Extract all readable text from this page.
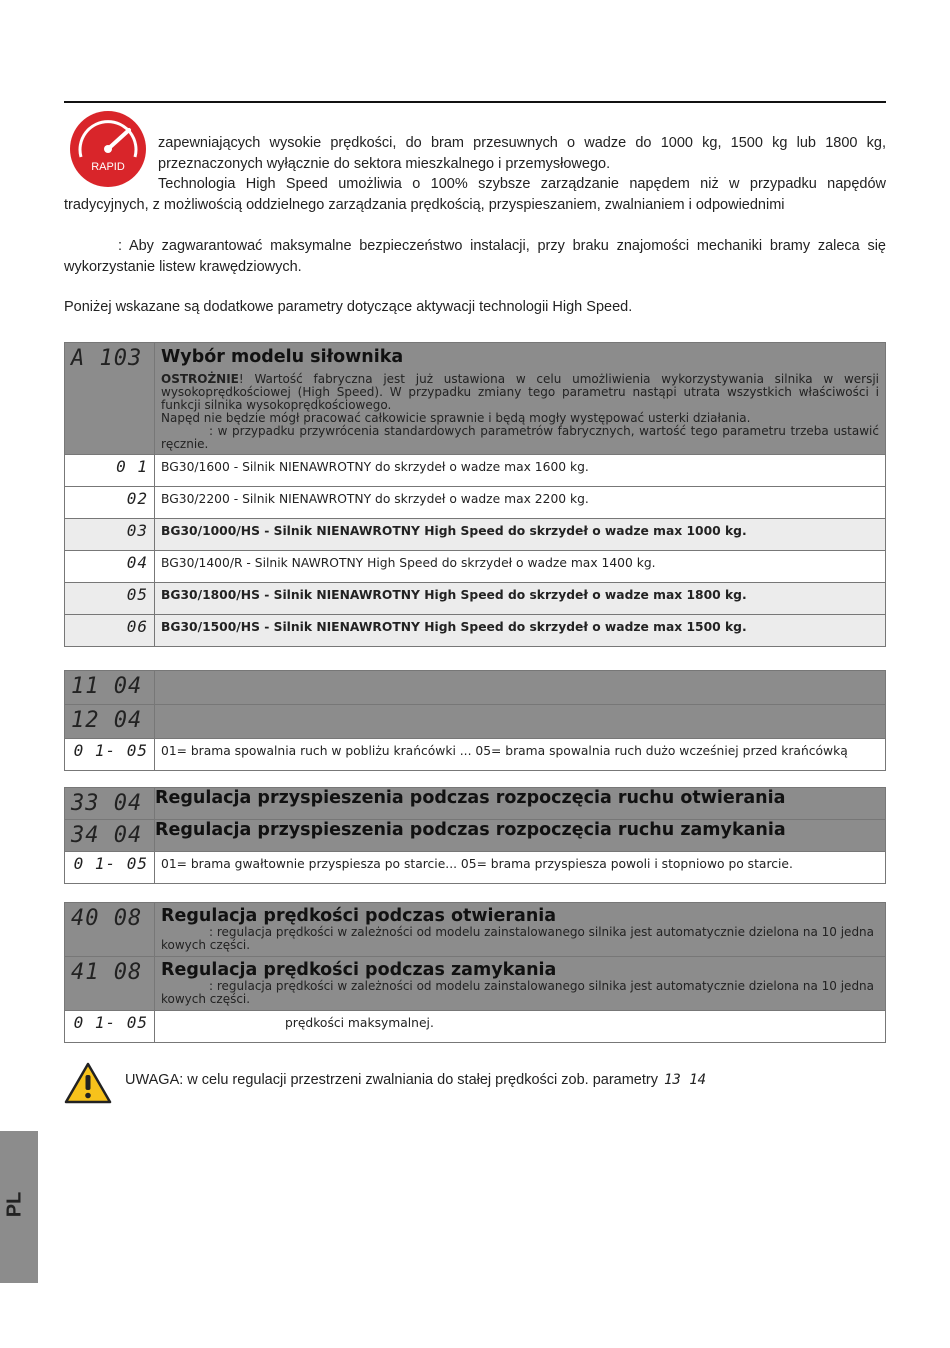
RAPID
zapewniających wysokie prędkości, do bram przesuwnych o wadze do 1000 kg, 1500 kg lub 1800 kg, przeznaczonych wyłącznie do sektora mieszkalnego i przemysłowego.
Technologia High Speed umożliwia o 100% szybsze zarządzanie napędem niż w przypadku napędów tradycyjnych, z możliwością oddzielnego zarządzania prędkością, przyspieszaniem, zwalnianiem i odpowiednimi
: Aby zagwarantować maksymalne bezpieczeństwo instalacji, przy braku znajomości mechaniki bramy zaleca się wykorzystanie listew krawędziowych.
Poniżej wskazane są dodatkowe parametry dotyczące aktywacji technologii High Speed.
A 103	Wybór modelu siłownika
OSTROŻNIE! Wartość fabryczna jest już ustawiona w celu umożliwienia wykorzystywania silnika w wersji wysokoprędkościowej (High Speed). W przypadku zmiany tego parametru nastąpi utrata wszystkich właściwości i funkcji silnika wysokoprędkościowego.
Napęd nie będzie mógł pracować całkowicie sprawnie i będą mogły występować usterki działania.
: w przypadku przywrócenia standardowych parametrów fabrycznych, wartość tego parametru trzeba ustawić ręcznie.

0 1	BG30/1600 - Silnik NIENAWROTNY do skrzydeł o wadze max 1600 kg.
02	BG30/2200 - Silnik NIENAWROTNY do skrzydeł o wadze max 2200 kg.
03	BG30/1000/HS - Silnik NIENAWROTNY High Speed do skrzydeł o wadze max 1000 kg.
04	BG30/1400/R - Silnik NAWROTNY High Speed do skrzydeł o wadze max 1400 kg.
05	BG30/1800/HS - Silnik NIENAWROTNY High Speed do skrzydeł o wadze max 1800 kg.
06	BG30/1500/HS - Silnik NIENAWROTNY High Speed do skrzydeł o wadze max 1500 kg.
11 04	
12 04	
0 1- 05	01= brama spowalnia ruch w pobliżu krańcówki ... 05= brama spowalnia ruch dużo wcześniej przed krańcówką
33 04	Regulacja przyspieszenia podczas rozpoczęcia ruchu otwierania
34 04	Regulacja przyspieszenia podczas rozpoczęcia ruchu zamykania
0 1- 05	01= brama gwałtownie przyspiesza po starcie... 05= brama przyspiesza powoli i stopniowo po starcie.
40 08	Regulacja prędkości podczas otwierania
: regulacja prędkości w zależności od modelu zainstalowanego silnika jest automatycznie dzielona na 10 jedna kowych części.

41 08	Regulacja prędkości podczas zamykania
: regulacja prędkości w zależności od modelu zainstalowanego silnika jest automatycznie dzielona na 10 jedna kowych części.

0 1- 05	prędkości maksymalnej.
UWAGA: w celu regulacji przestrzeni zwalniania do stałej prędkości zob. parametry 13 14
PL
